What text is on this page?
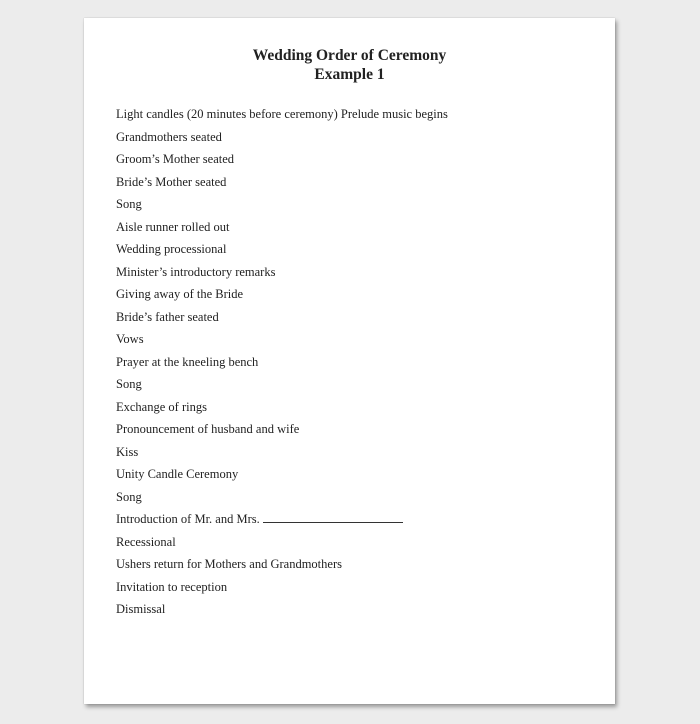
Wedding Order of Ceremony
Example 1
Light candles (20 minutes before ceremony) Prelude music begins
Grandmothers seated
Groom’s Mother seated
Bride’s Mother seated
Song
Aisle runner rolled out
Wedding processional
Minister’s introductory remarks
Giving away of the Bride
Bride’s father seated
Vows
Prayer at the kneeling bench
Song
Exchange of rings
Pronouncement of husband and wife
Kiss
Unity Candle Ceremony
Song
Introduction of Mr. and Mrs.
Recessional
Ushers return for Mothers and Grandmothers
Invitation to reception
Dismissal
